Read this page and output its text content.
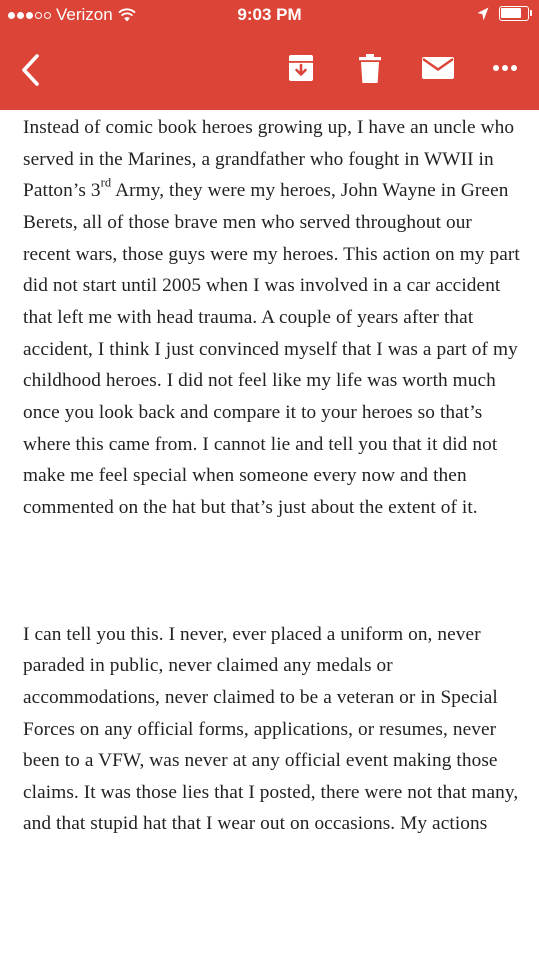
Verizon	9:03 PM

Instead of comic book heroes growing up, I have an uncle who served in the Marines, a grandfather who fought in WWII in Patton’s 3rd Army, they were my heroes, John Wayne in Green Berets, all of those brave men who served throughout our recent wars, those guys were my heroes. This action on my part did not start until 2005 when I was involved in a car accident that left me with head trauma. A couple of years after that accident, I think I just convinced myself that I was a part of my childhood heroes. I did not feel like my life was worth much once you look back and compare it to your heroes so that’s where this came from. I cannot lie and tell you that it did not make me feel special when someone every now and then commented on the hat but that’s just about the extent of it.

I can tell you this. I never, ever placed a uniform on, never paraded in public, never claimed any medals or accommodations, never claimed to be a veteran or in Special Forces on any official forms, applications, or resumes, never been to a VFW, was never at any official event making those claims. It was those lies that I posted, there were not that many, and that stupid hat that I wear out on occasions. My actions
